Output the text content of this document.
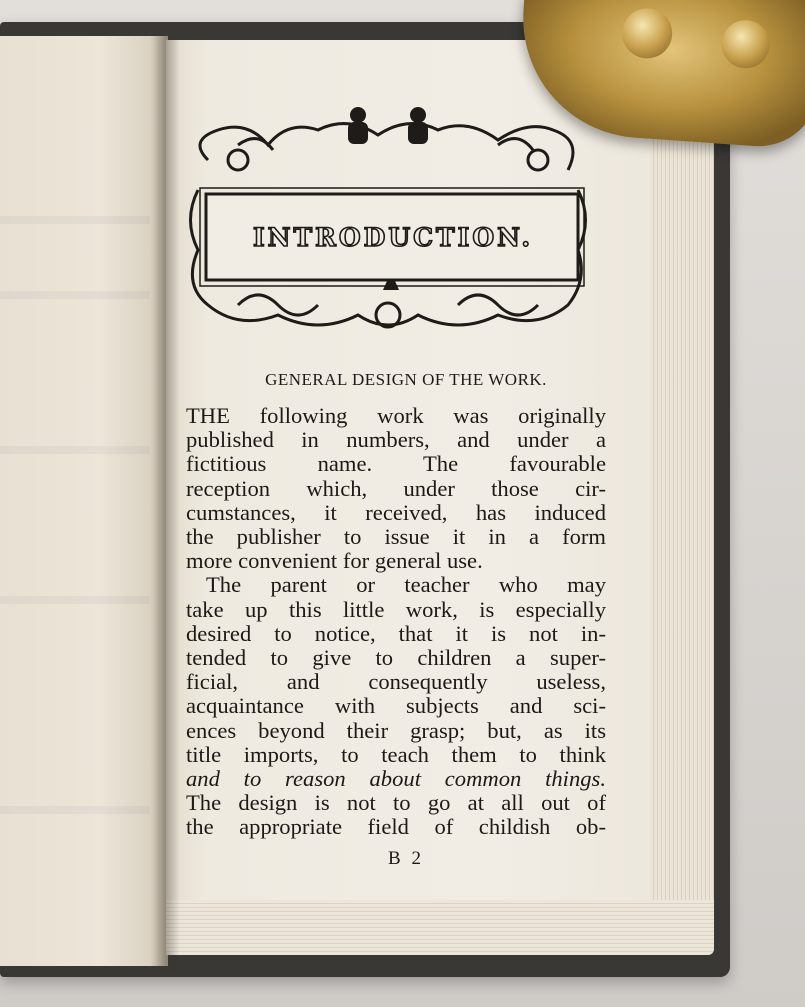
INTRODUCTION.
GENERAL DESIGN OF THE WORK.
THE following work was originally
published in numbers, and under a
fictitious name. The favourable
reception which, under those cir-
cumstances, it received, has induced
the publisher to issue it in a form
more convenient for general use.
The parent or teacher who may
take up this little work, is especially
desired to notice, that it is not in-
tended to give to children a super-
ficial, and consequently useless,
acquaintance with subjects and sci-
ences beyond their grasp; but, as its
title imports, to teach them to think
and to reason about common things.
The design is not to go at all out of
the appropriate field of childish ob-
B 2
